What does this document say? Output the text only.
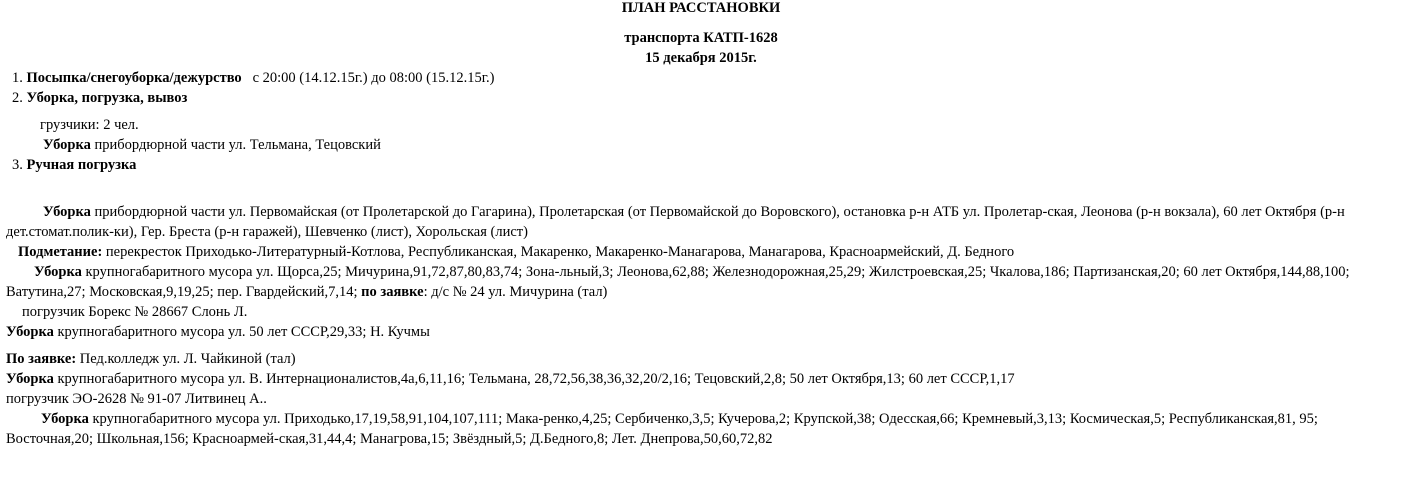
ПЛАН РАССТАНОВКИ
транспорта КАТП-1628
15 декабря 2015г.
1. Посыпка/снегоуборка/дежурство   с 20:00 (14.12.15г.) до 08:00 (15.12.15г.)
2. Уборка, погрузка, вывоз

грузчики: 2 чел.

Уборка прибордюрной части ул. Тельмана, Тецовский

3. Ручная погрузка

Уборка прибордюрной части ул. Первомайская (от Пролетарской до Гагарина), Пролетарская (от Первомайской до Воровского), остановка р-н АТБ ул. Пролетар-ская, Леонова (р-н вокзала), 60 лет Октября (р-н дет.стомат.полик-ки), Гер. Бреста (р-н гаражей), Шевченко (лист), Хорольская (лист)

Подметание: перекресток Приходько-Литературный-Котлова, Республиканская, Макаренко, Макаренко-Манагарова, Манагарова, Красноармейский, Д. Бедного

Уборка крупногабаритного мусора ул. Щорса,25; Мичурина,91,72,87,80,83,74; Зона-льный,3; Леонова,62,88; Железнодорожная,25,29; Жилстроевская,25; Чкалова,186; Партизанская,20; 60 лет Октября,144,88,100; Ватутина,27; Московская,9,19,25; пер. Гвардейский,7,14; по заявке: д/с № 24 ул. Мичурина (тал)

погрузчик Борекс № 28667 Слонь Л.

Уборка крупногабаритного мусора ул. 50 лет СССР,29,33; Н. Кучмы

По заявке: Пед.колледж ул. Л. Чайкиной (тал)

Уборка крупногабаритного мусора ул. В. Интернационалистов,4а,6,11,16; Тельмана, 28,72,56,38,36,32,20/2,16; Тецовский,2,8; 50 лет Октября,13; 60 лет СССР,1,17

погрузчик ЭО-2628 № 91-07 Литвинец А..

Уборка крупногабаритного мусора ул. Приходько,17,19,58,91,104,107,111; Мака-ренко,4,25; Сербиченко,3,5; Кучерова,2; Крупской,38; Одесская,66; Кремневый,3,13; Космическая,5; Республиканская,81, 95; Восточная,20; Школьная,156; Красноармей-ская,31,44,4; Манагрова,15; Звёздный,5; Д.Бедного,8; Лет. Днепрова,50,60,72,82
